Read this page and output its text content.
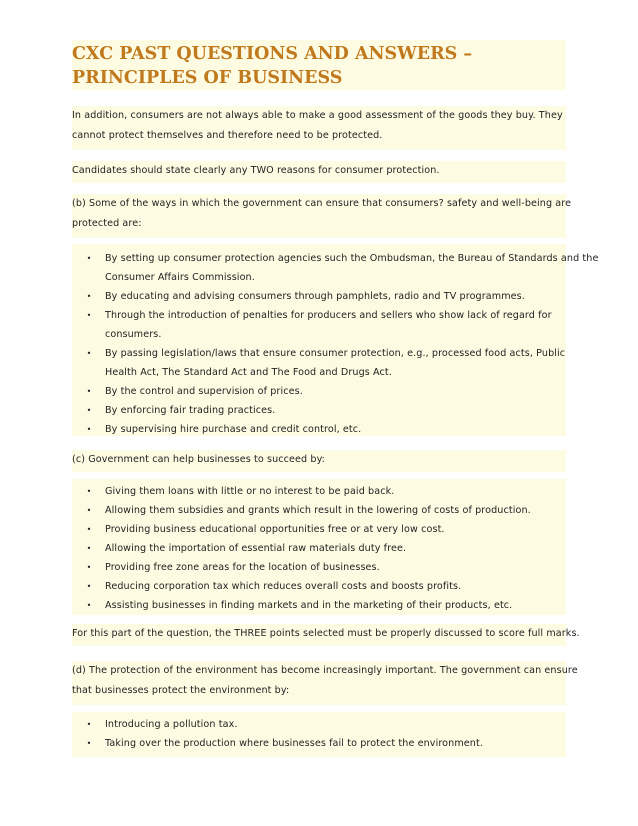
CXC PAST QUESTIONS AND ANSWERS –
PRINCIPLES OF BUSINESS
In addition, consumers are not always able to make a good assessment of the goods they buy. They
cannot protect themselves and therefore need to be protected.
Candidates should state clearly any TWO reasons for consumer protection.
(b) Some of the ways in which the government can ensure that consumers? safety and well-being are
protected are:
• By setting up consumer protection agencies such the Ombudsman, the Bureau of Standards and the
Consumer Affairs Commission.
• By educating and advising consumers through pamphlets, radio and TV programmes.
• Through the introduction of penalties for producers and sellers who show lack of regard for
consumers.
• By passing legislation/laws that ensure consumer protection, e.g., processed food acts, Public
Health Act, The Standard Act and The Food and Drugs Act.
• By the control and supervision of prices.
• By enforcing fair trading practices.
• By supervising hire purchase and credit control, etc.
(c) Government can help businesses to succeed by:
• Giving them loans with little or no interest to be paid back.
• Allowing them subsidies and grants which result in the lowering of costs of production.
• Providing business educational opportunities free or at very low cost.
• Allowing the importation of essential raw materials duty free.
• Providing free zone areas for the location of businesses.
• Reducing corporation tax which reduces overall costs and boosts profits.
• Assisting businesses in finding markets and in the marketing of their products, etc.
For this part of the question, the THREE points selected must be properly discussed to score full marks.
(d) The protection of the environment has become increasingly important. The government can ensure
that businesses protect the environment by:
• Introducing a pollution tax.
• Taking over the production where businesses fail to protect the environment.
